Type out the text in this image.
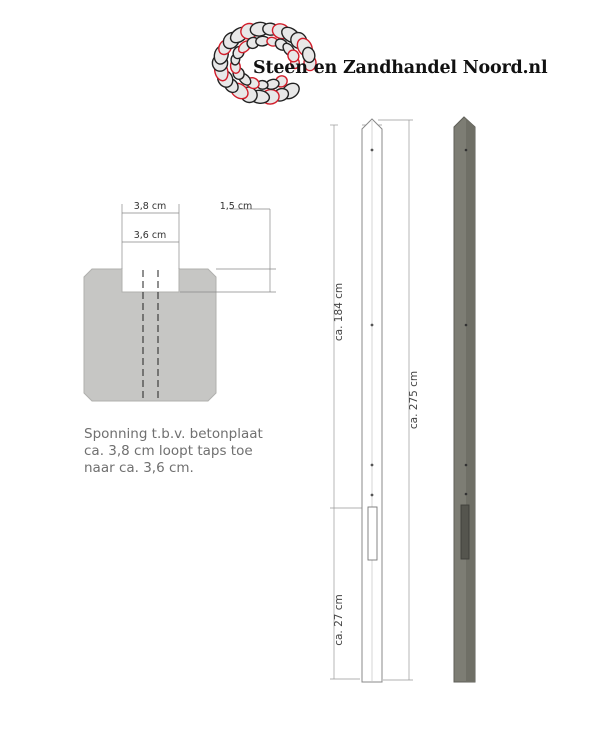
3,8 cm
3,6 cm
1,5 cm
ca. 184 cm
ca. 275 cm
ca. 27 cm
Steen en Zandhandel Noord.nl
Sponning t.b.v. betonplaat
ca. 3,8 cm loopt taps toe
naar ca. 3,6 cm.
